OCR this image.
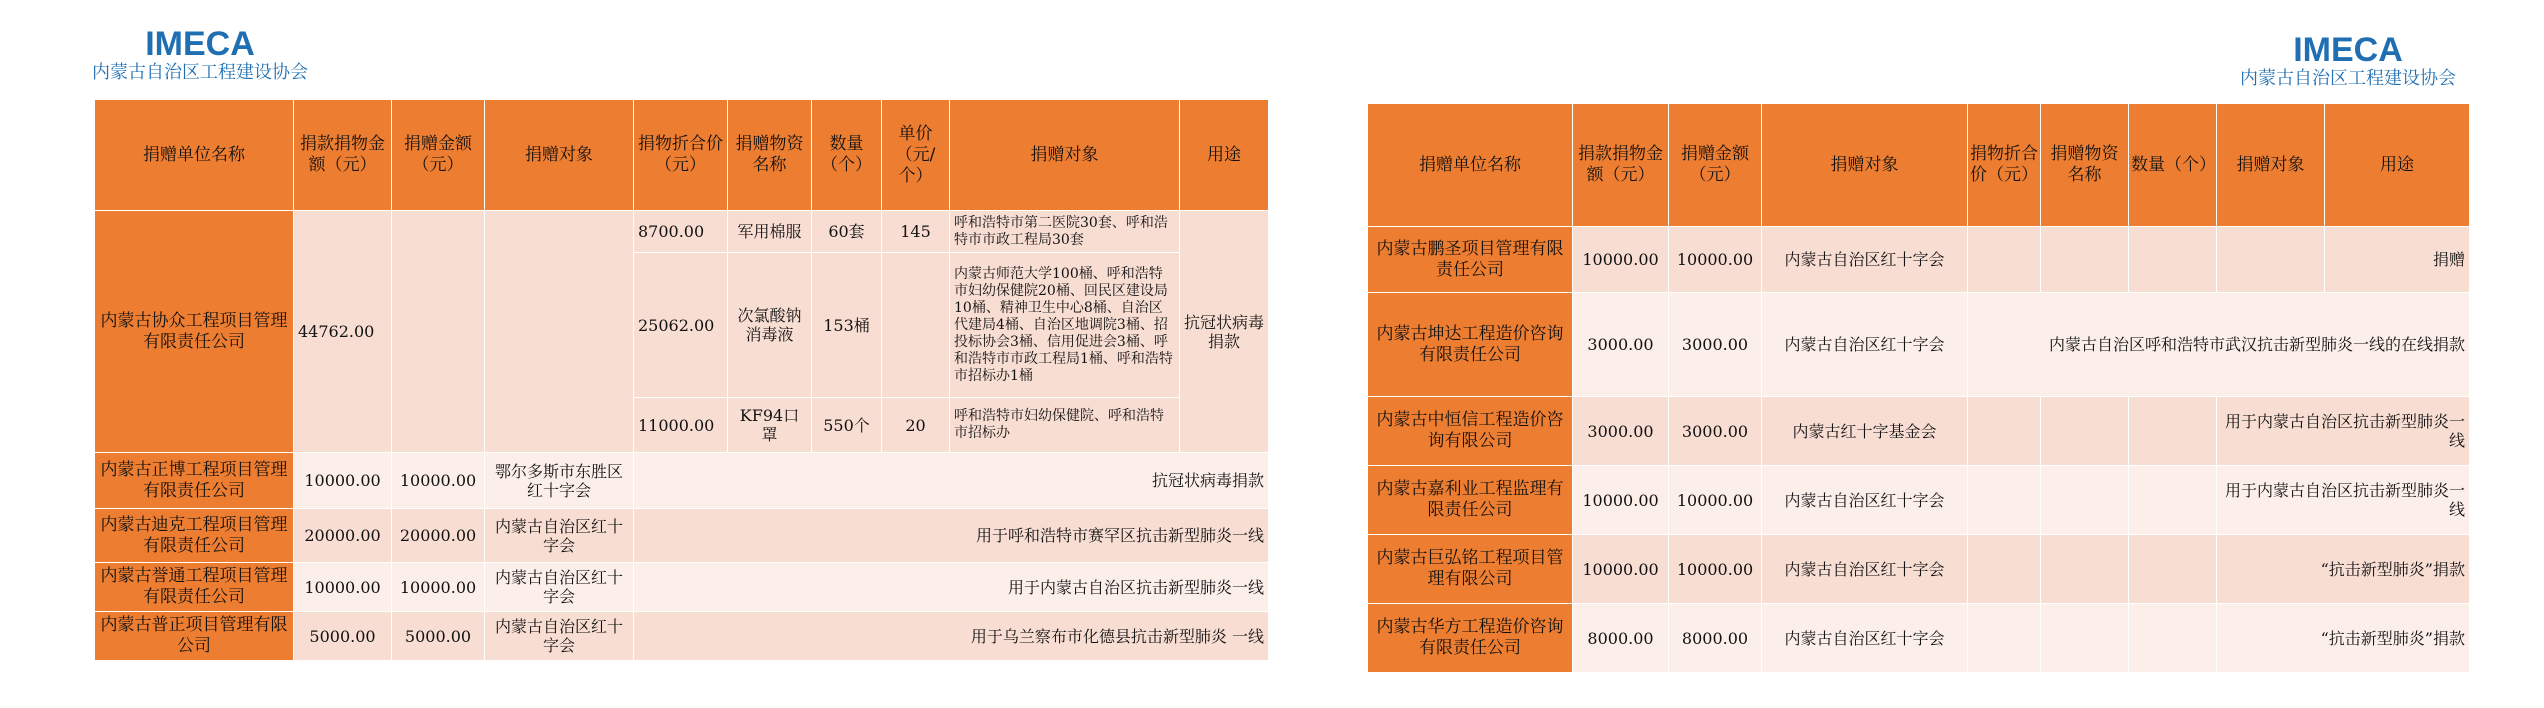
IMECA
内蒙古自治区工程建设协会
IMECA
内蒙古自治区工程建设协会
捐赠单位名称	捐款捐物金额（元）	捐赠金额（元）	捐赠对象	捐物折合价（元）	捐赠物资名称	数量（个）	单价（元/个）	捐赠对象	用途
内蒙古协众工程项目管理有限责任公司	44762.00			8700.00	军用棉服	60套	145	呼和浩特市第二医院30套、呼和浩特市市政工程局30套	抗冠状病毒捐款
				25062.00	次氯酸钠消毒液	153桶		内蒙古师范大学100桶、呼和浩特市妇幼保健院20桶、回民区建设局10桶、精神卫生中心8桶、自治区代建局4桶、自治区地调院3桶、招投标协会3桶、信用促进会3桶、呼和浩特市市政工程局1桶、呼和浩特市招标办1桶	
				11000.00	KF94口罩	550个	20	呼和浩特市妇幼保健院、呼和浩特市招标办	
内蒙古正博工程项目管理有限责任公司	10000.00	10000.00	鄂尔多斯市东胜区红十字会	抗冠状病毒捐款					
内蒙古迪克工程项目管理有限责任公司	20000.00	20000.00	内蒙古自治区红十字会	用于呼和浩特市赛罕区抗击新型肺炎一线					
内蒙古誉通工程项目管理有限责任公司	10000.00	10000.00	内蒙古自治区红十字会	用于内蒙古自治区抗击新型肺炎一线					
内蒙古普正项目管理有限公司	5000.00	5000.00	内蒙古自治区红十字会	用于乌兰察布市化德县抗击新型肺炎 一线					
捐赠单位名称	捐款捐物金额（元）	捐赠金额（元）	捐赠对象	捐物折合价（元）	捐赠物资名称	数量（个）	捐赠对象	用途
内蒙古鹏圣项目管理有限责任公司	10000.00	10000.00	内蒙古自治区红十字会					捐赠
内蒙古坤达工程造价咨询有限责任公司	3000.00	3000.00	内蒙古自治区红十字会	内蒙古自治区呼和浩特市武汉抗击新型肺炎一线的在线捐款				
内蒙古中恒信工程造价咨询有限公司	3000.00	3000.00	内蒙古红十字基金会				用于内蒙古自治区抗击新型肺炎一线	
内蒙古嘉利业工程监理有限责任公司	10000.00	10000.00	内蒙古自治区红十字会				用于内蒙古自治区抗击新型肺炎一线	
内蒙古巨弘铭工程项目管理有限公司	10000.00	10000.00	内蒙古自治区红十字会				“抗击新型肺炎”捐款	
内蒙古华方工程造价咨询有限责任公司	8000.00	8000.00	内蒙古自治区红十字会				“抗击新型肺炎”捐款	
